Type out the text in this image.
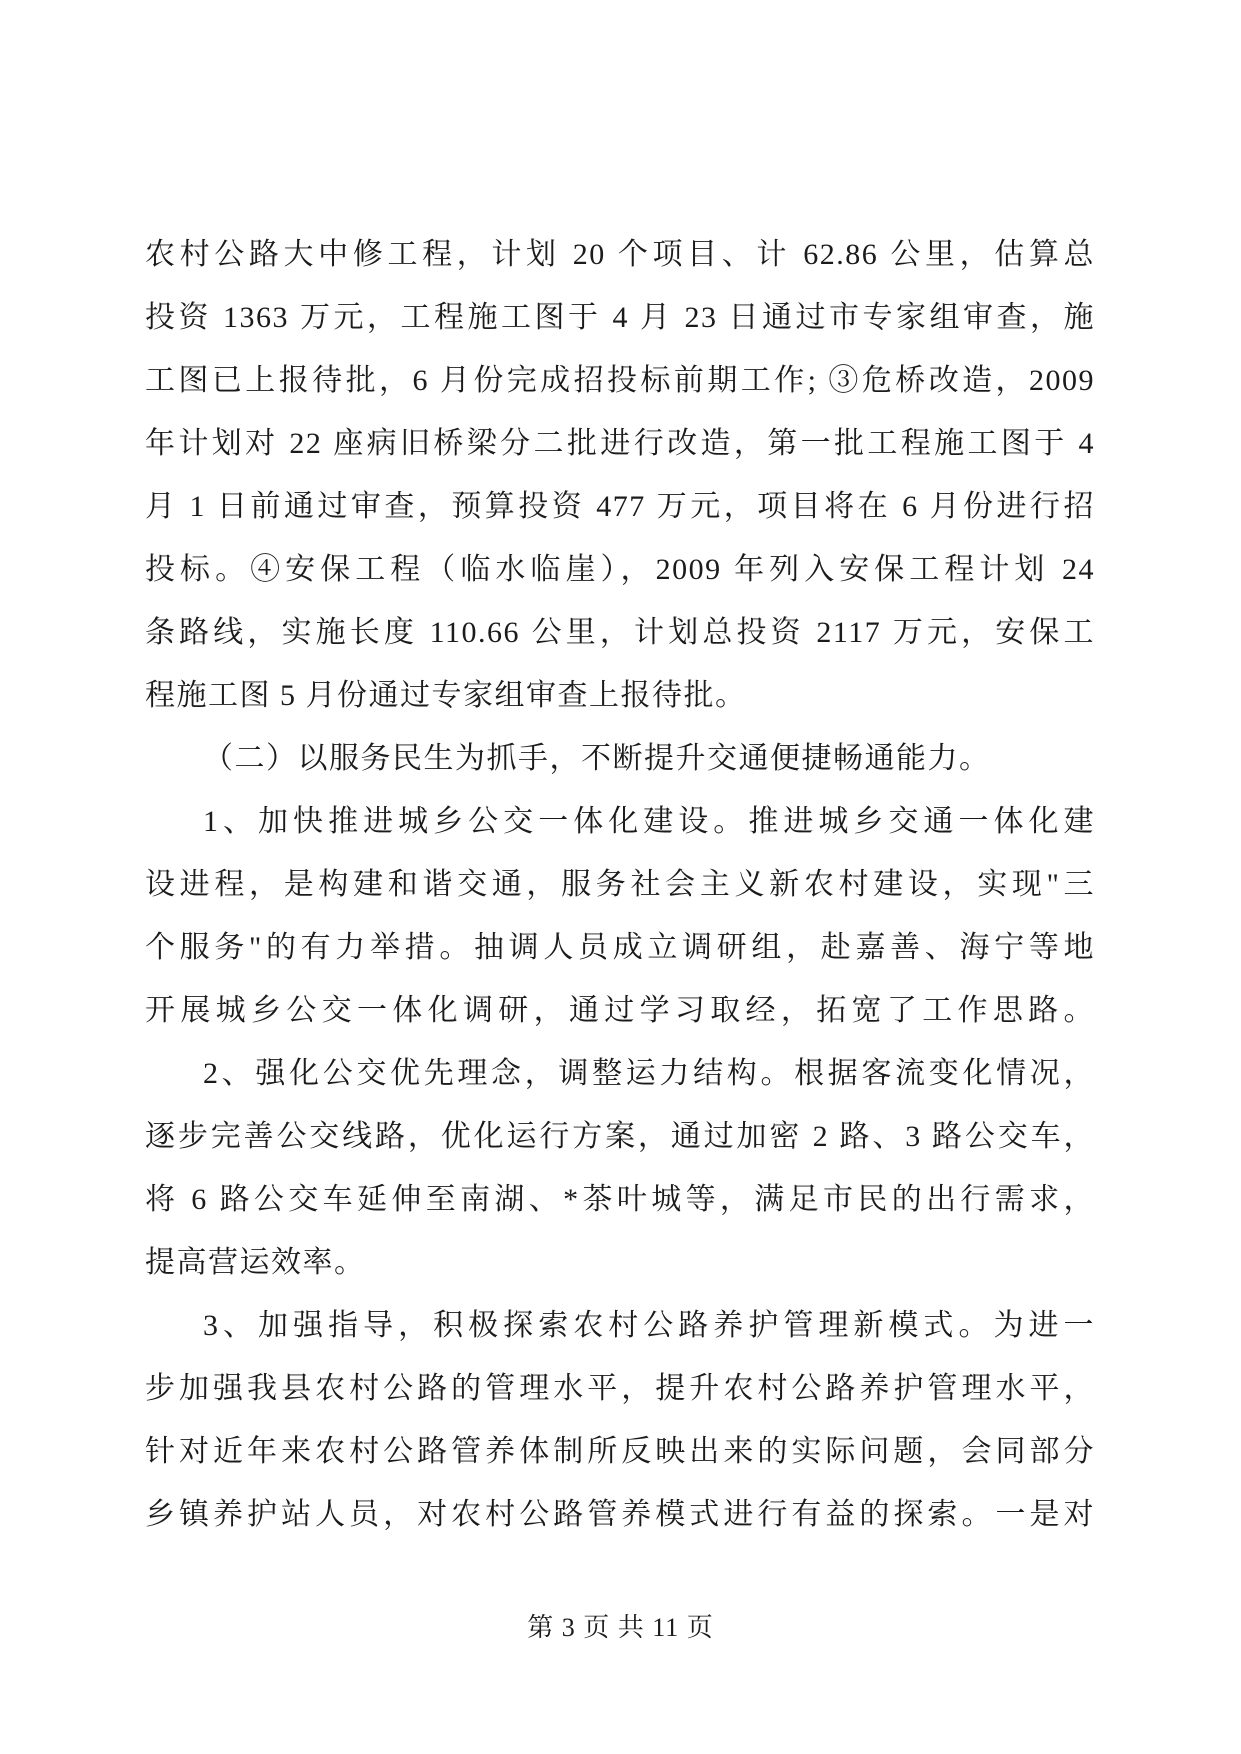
农村公路大中修工程，计划 20 个项目、计 62.86 公里，估算总
投资 1363 万元，工程施工图于 4 月 23 日通过市专家组审查，施
工图已上报待批，6 月份完成招投标前期工作; ③危桥改造，2009
年计划对 22 座病旧桥梁分二批进行改造，第一批工程施工图于 4
月 1 日前通过审查，预算投资 477 万元，项目将在 6 月份进行招
投标。④安保工程（临水临崖），2009 年列入安保工程计划 24
条路线，实施长度 110.66 公里，计划总投资 2117 万元，安保工
程施工图 5 月份通过专家组审查上报待批。
（二）以服务民生为抓手，不断提升交通便捷畅通能力。
1、加快推进城乡公交一体化建设。推进城乡交通一体化建
设进程，是构建和谐交通，服务社会主义新农村建设，实现"三
个服务"的有力举措。抽调人员成立调研组，赴嘉善、海宁等地
开展城乡公交一体化调研，通过学习取经，拓宽了工作思路。
2、强化公交优先理念，调整运力结构。根据客流变化情况，
逐步完善公交线路，优化运行方案，通过加密 2 路、3 路公交车，
将 6 路公交车延伸至南湖、*茶叶城等，满足市民的出行需求，
提高营运效率。
3、加强指导，积极探索农村公路养护管理新模式。为进一
步加强我县农村公路的管理水平，提升农村公路养护管理水平，
针对近年来农村公路管养体制所反映出来的实际问题，会同部分
乡镇养护站人员，对农村公路管养模式进行有益的探索。一是对
第 3 页 共 11 页
